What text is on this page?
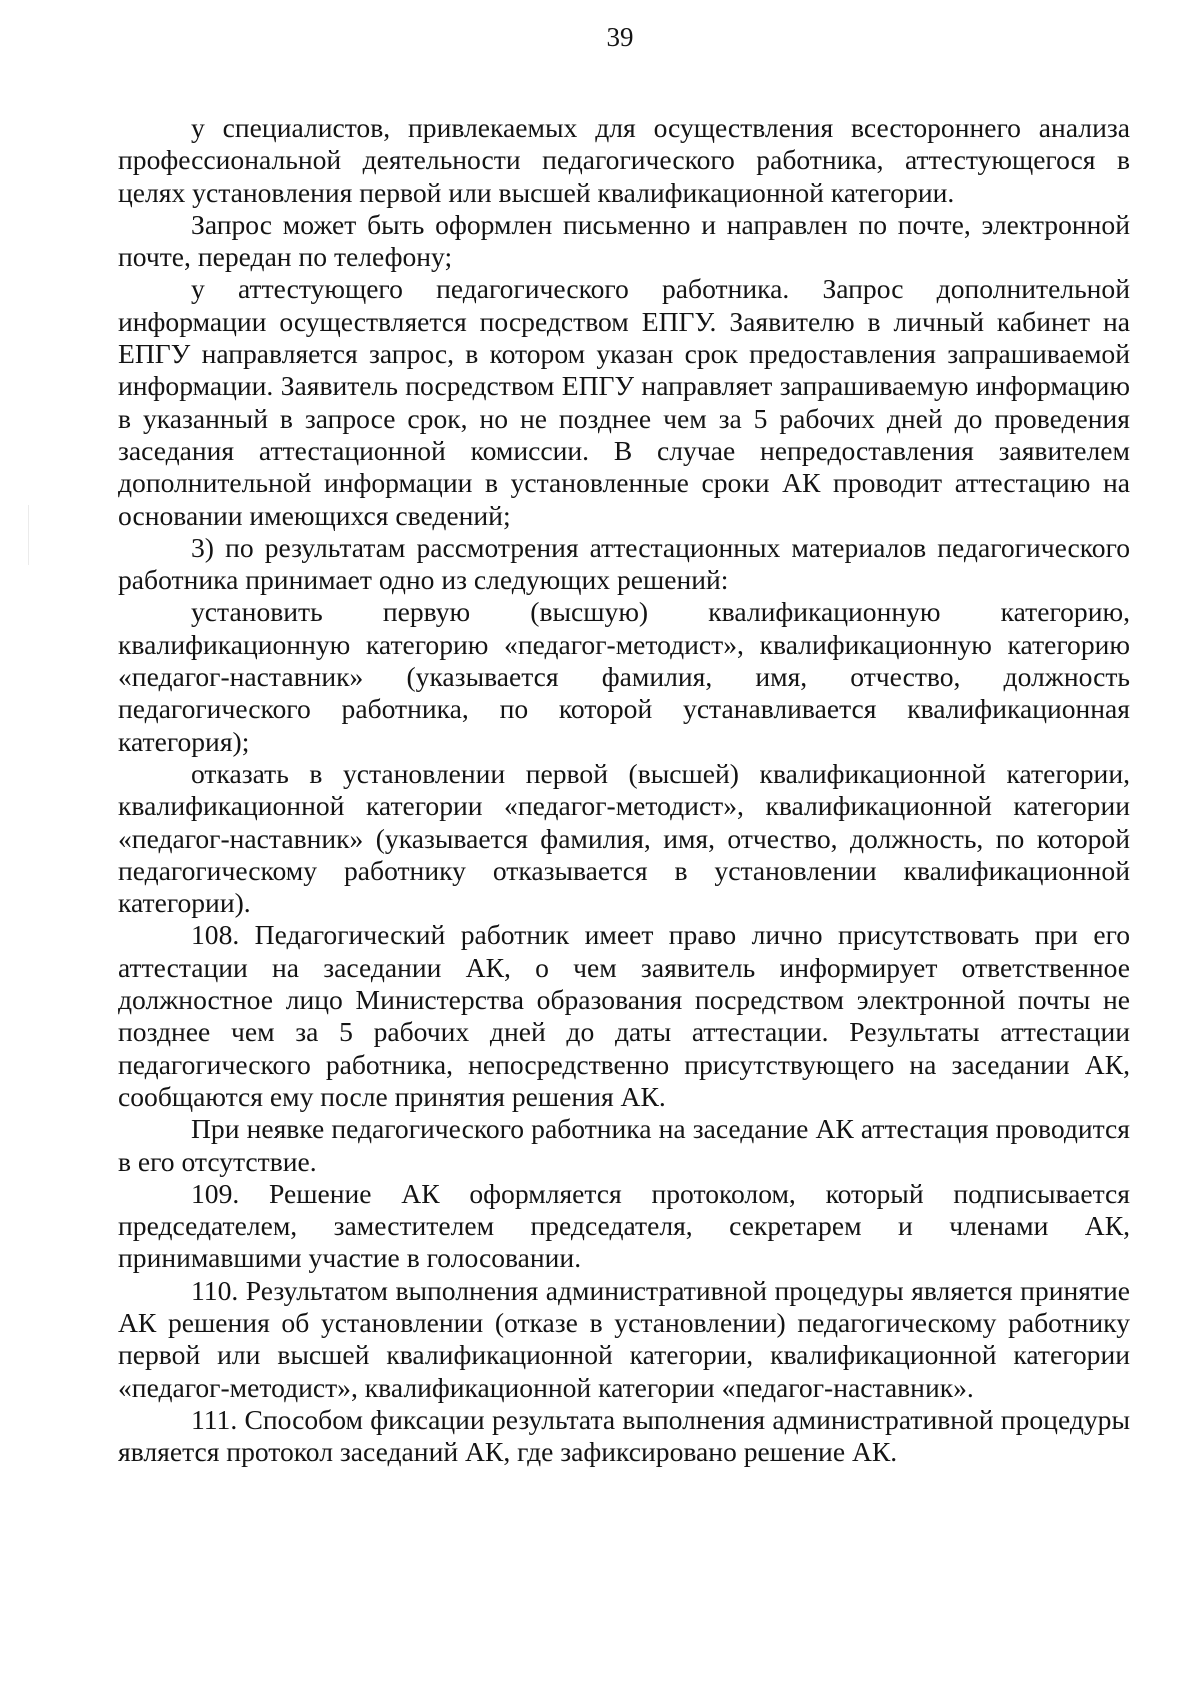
39

у специалистов, привлекаемых для осуществления всестороннего анализа профессиональной деятельности педагогического работника, аттестующегося в целях установления первой или высшей квалификационной категории.

Запрос может быть оформлен письменно и направлен по почте, электронной почте, передан по телефону;

у аттестующего педагогического работника. Запрос дополнительной информации осуществляется посредством ЕПГУ. Заявителю в личный кабинет на ЕПГУ направляется запрос, в котором указан срок предоставления запрашиваемой информации. Заявитель посредством ЕПГУ направляет запрашиваемую информацию в указанный в запросе срок, но не позднее чем за 5 рабочих дней до проведения заседания аттестационной комиссии. В случае непредоставления заявителем дополнительной информации в установленные сроки АК проводит аттестацию на основании имеющихся сведений;

3) по результатам рассмотрения аттестационных материалов педагогического работника принимает одно из следующих решений:

установить первую (высшую) квалификационную категорию, квалификационную категорию «педагог-методист», квалификационную категорию «педагог-наставник» (указывается фамилия, имя, отчество, должность педагогического работника, по которой устанавливается квалификационная категория);

отказать в установлении первой (высшей) квалификационной категории, квалификационной категории «педагог-методист», квалификационной категории «педагог-наставник» (указывается фамилия, имя, отчество, должность, по которой педагогическому работнику отказывается в установлении квалификационной категории).

108. Педагогический работник имеет право лично присутствовать при его аттестации на заседании АК, о чем заявитель информирует ответственное должностное лицо Министерства образования посредством электронной почты не позднее чем за 5 рабочих дней до даты аттестации. Результаты аттестации педагогического работника, непосредственно присутствующего на заседании АК, сообщаются ему после принятия решения АК.

При неявке педагогического работника на заседание АК аттестация проводится в его отсутствие.

109. Решение АК оформляется протоколом, который подписывается председателем, заместителем председателя, секретарем и членами АК, принимавшими участие в голосовании.

110. Результатом выполнения административной процедуры является принятие АК решения об установлении (отказе в установлении) педагогическому работнику первой или высшей квалификационной категории, квалификационной категории «педагог-методист», квалификационной категории «педагог-наставник».

111. Способом фиксации результата выполнения административной процедуры является протокол заседаний АК, где зафиксировано решение АК.
